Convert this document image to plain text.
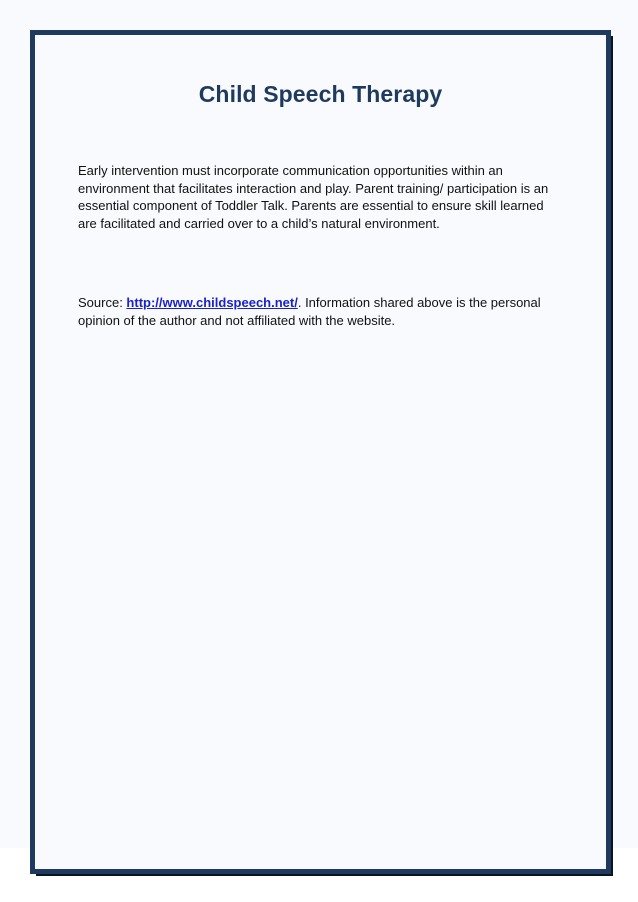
Child Speech Therapy

Early intervention must incorporate communication opportunities within an environment that facilitates interaction and play. Parent training/ participation is an essential component of Toddler Talk. Parents are essential to ensure skill learned are facilitated and carried over to a child’s natural environment.

Source: http://www.childspeech.net/. Information shared above is the personal opinion of the author and not affiliated with the website.
